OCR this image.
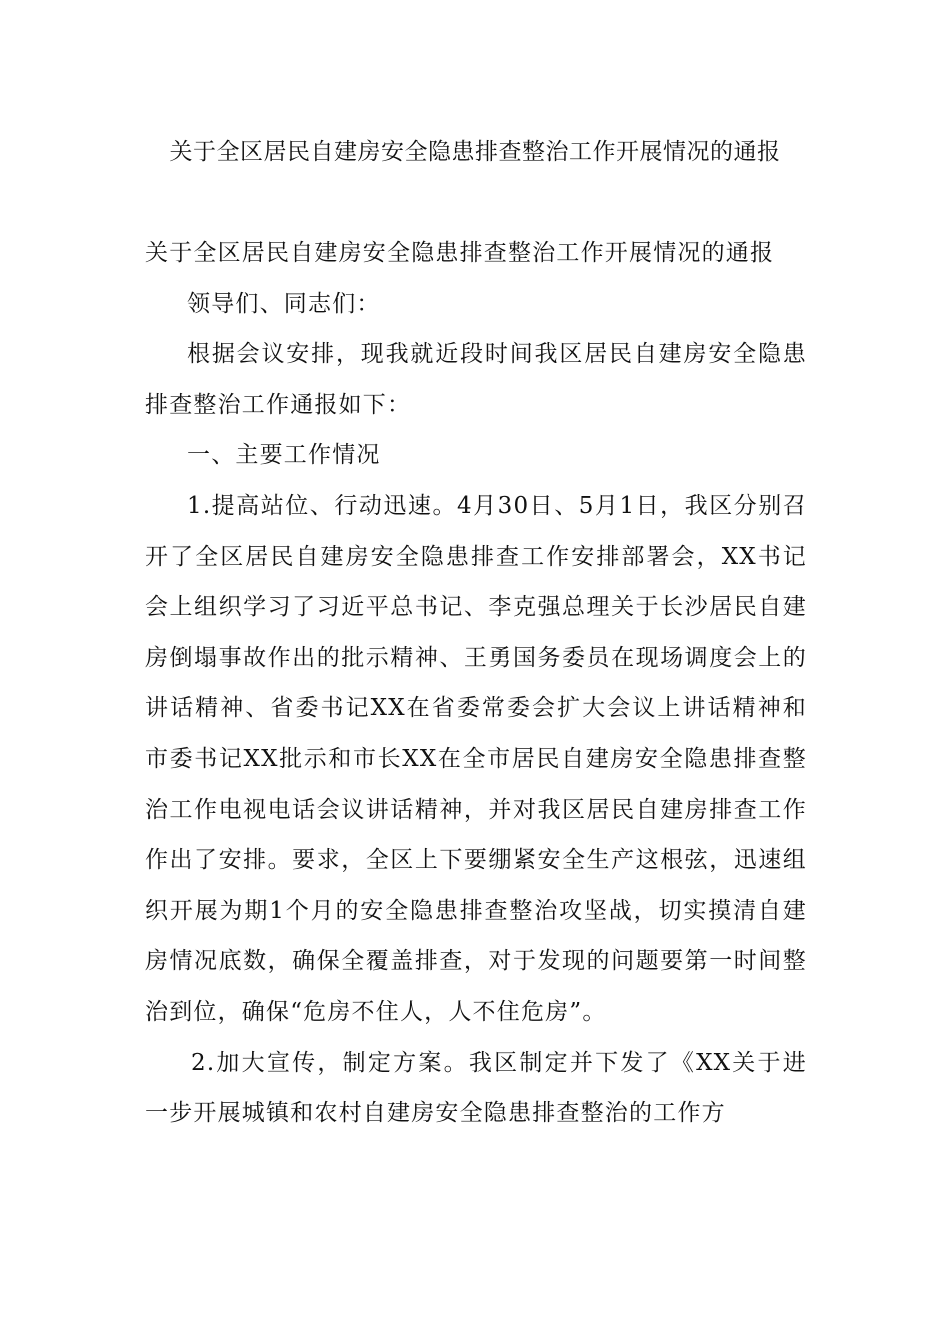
关于全区居民自建房安全隐患排查整治工作开展情况的通报

关于全区居民自建房安全隐患排查整治工作开展情况的通报

领导们、同志们：

根据会议安排，现我就近段时间我区居民自建房安全隐患排查整治工作通报如下：

一、主要工作情况

1.提高站位、行动迅速。4月30日、5月1日，我区分别召开了全区居民自建房安全隐患排查工作安排部署会，XX书记会上组织学习了习近平总书记、李克强总理关于长沙居民自建房倒塌事故作出的批示精神、王勇国务委员在现场调度会上的讲话精神、省委书记XX在省委常委会扩大会议上讲话精神和市委书记XX批示和市长XX在全市居民自建房安全隐患排查整治工作电视电话会议讲话精神，并对我区居民自建房排查工作作出了安排。要求，全区上下要绷紧安全生产这根弦，迅速组织开展为期1个月的安全隐患排查整治攻坚战，切实摸清自建房情况底数，确保全覆盖排查，对于发现的问题要第一时间整治到位，确保“危房不住人，人不住危房”。

2.加大宣传，制定方案。我区制定并下发了《XX关于进一步开展城镇和农村自建房安全隐患排查整治的工作方
